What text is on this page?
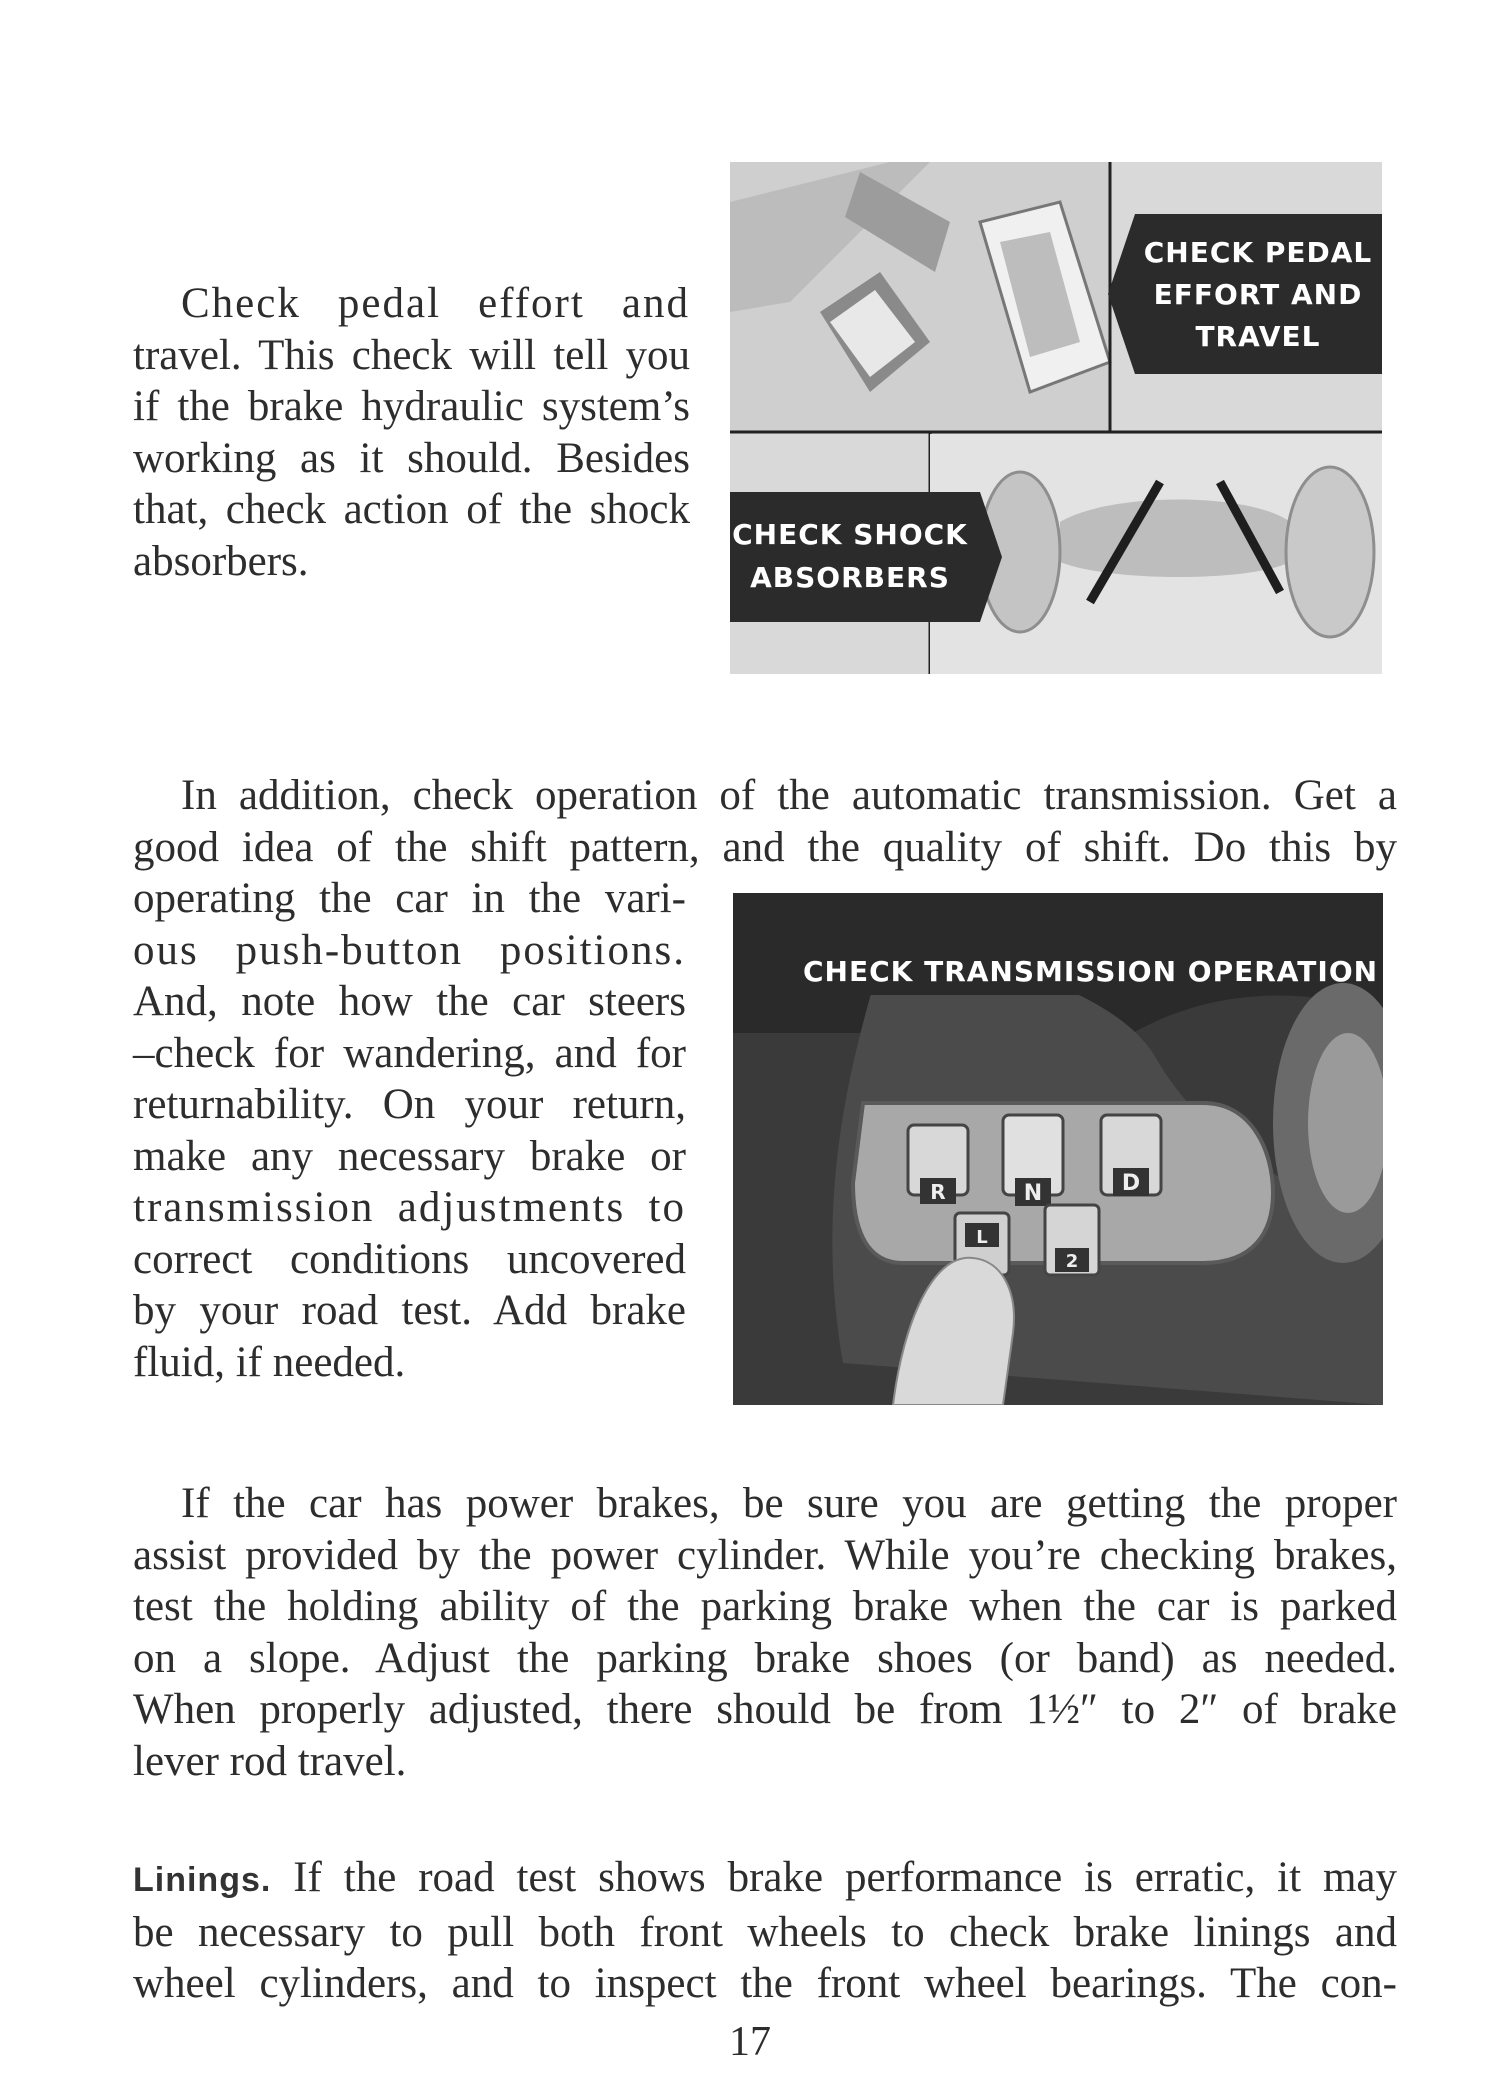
Check pedal effort and
travel. This check will tell you
if the brake hydraulic system’s
working as it should. Besides
that, check action of the shock
absorbers.
CHECK PEDAL
EFFORT AND
TRAVEL
CHECK SHOCK
ABSORBERS
In addition, check operation of the automatic transmission. Get a
good idea of the shift pattern, and the quality of shift. Do this by
operating the car in the vari-
ous push-button positions.
And, note how the car steers
–check for wandering, and for
returnability. On your return,
make any necessary brake or
transmission adjustments to
correct conditions uncovered
by your road test. Add brake
fluid, if needed.
R	N	D
L
2
CHECK TRANSMISSION OPERATION
If the car has power brakes, be sure you are getting the proper
assist provided by the power cylinder. While you’re checking brakes,
test the holding ability of the parking brake when the car is parked
on a slope. Adjust the parking brake shoes (or band) as needed.
When properly adjusted, there should be from 1½″ to 2″ of brake
lever rod travel.
Linings. If the road test shows brake performance is erratic, it may
be necessary to pull both front wheels to check brake linings and
wheel cylinders, and to inspect the front wheel bearings. The con-
17
